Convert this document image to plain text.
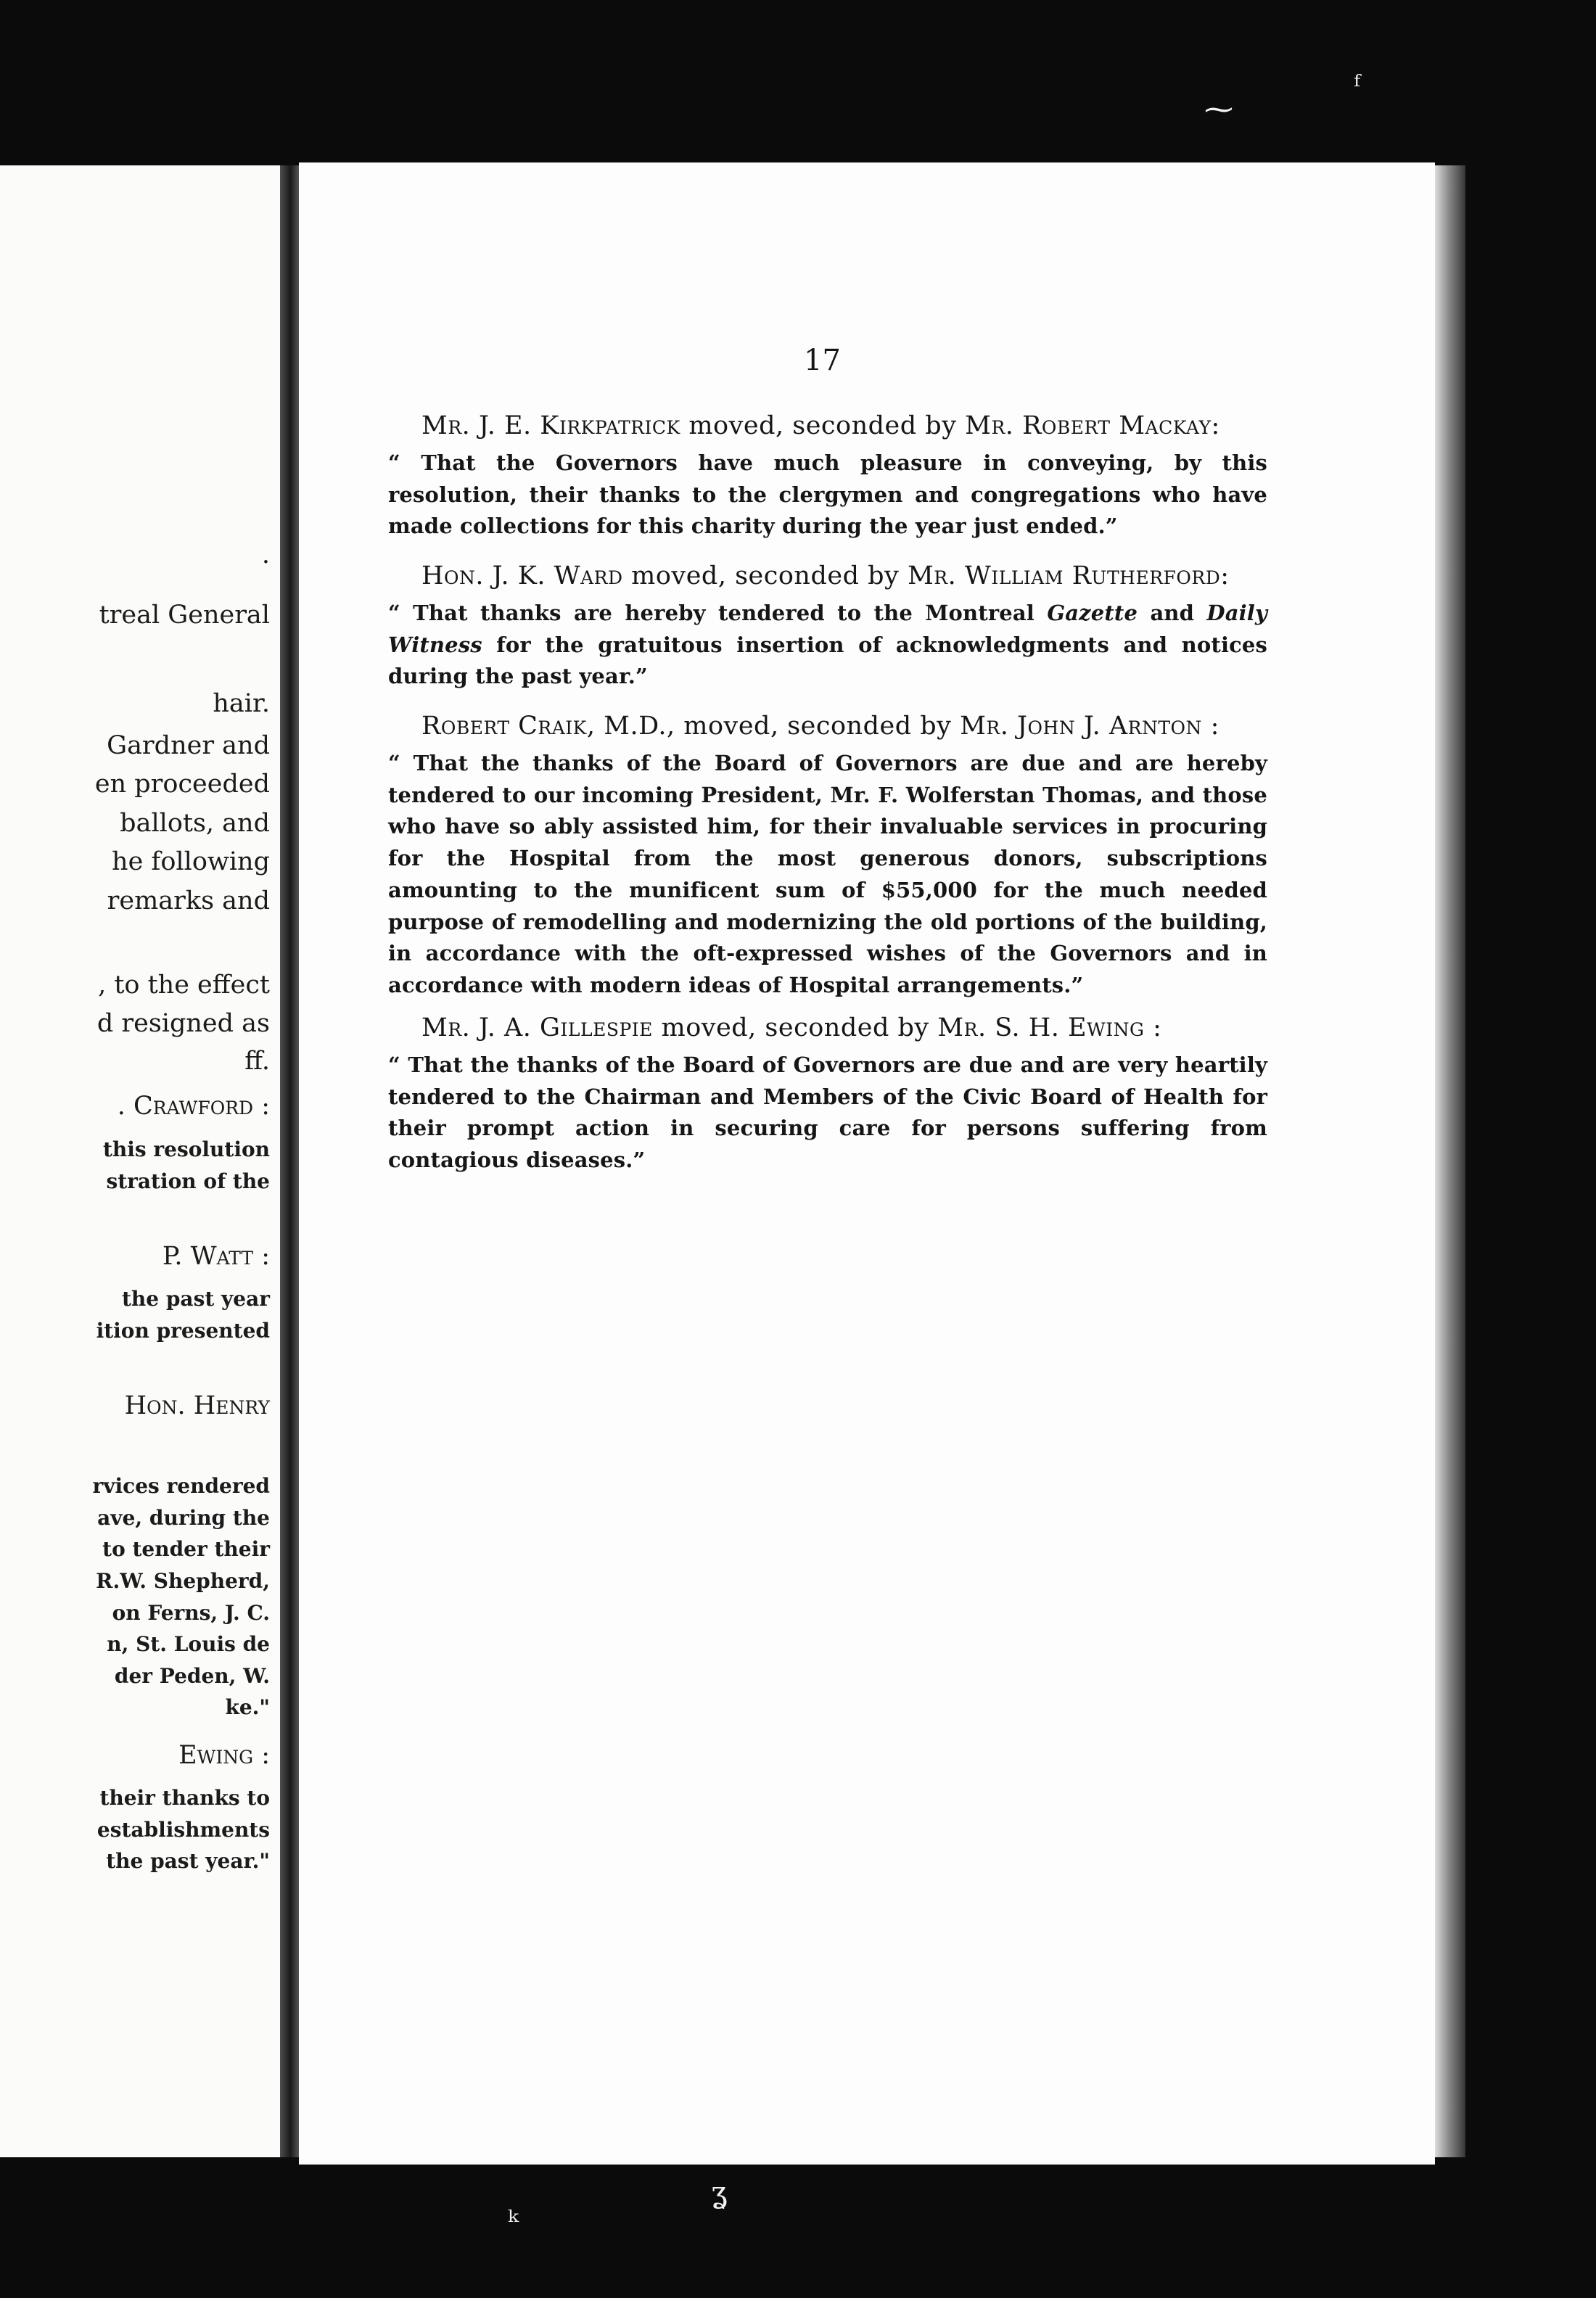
.
treal General
hair.
Gardner and
en proceeded
ballots, and
he following
remarks and
, to the effect
d resigned as
ff.
. Crawford :
this resolution
stration of the
P. Watt :
the past year
ition presented
Hon. Henry
rvices rendered
ave, during the
to tender their
R.W. Shepherd,
on Ferns, J. C.
n, St. Louis de
der Peden, W.
ke."
Ewing :
their thanks to
establishments
the past year."
17

Mr. J. E. Kirkpatrick moved, seconded by Mr. Robert Mackay:

“ That the Governors have much pleasure in conveying, by this resolution, their thanks to the clergymen and congregations who have made collections for this charity during the year just ended.”

Hon. J. K. Ward moved, seconded by Mr. William Rutherford:

“ That thanks are hereby tendered to the Montreal Gazette and Daily Witness for the gratuitous insertion of acknowledgments and notices during the past year.”

Robert Craik, M.D., moved, seconded by Mr. John J. Arnton :

“ That the thanks of the Board of Governors are due and are hereby tendered to our incoming President, Mr. F. Wolferstan Thomas, and those who have so ably assisted him, for their invaluable services in procuring for the Hospital from the most generous donors, subscriptions amounting to the munificent sum of $55,000 for the much needed purpose of remodelling and modernizing the old portions of the building, in accordance with the oft-expressed wishes of the Governors and in accordance with modern ideas of Hospital arrangements.”

Mr. J. A. Gillespie moved, seconded by Mr. S. H. Ewing :

“ That the thanks of the Board of Governors are due and are very heartily tendered to the Chairman and Members of the Civic Board of Health for their prompt action in securing care for persons suffering from contagious diseases.”

⁓
ᶠ
ʓ
ᵏ
